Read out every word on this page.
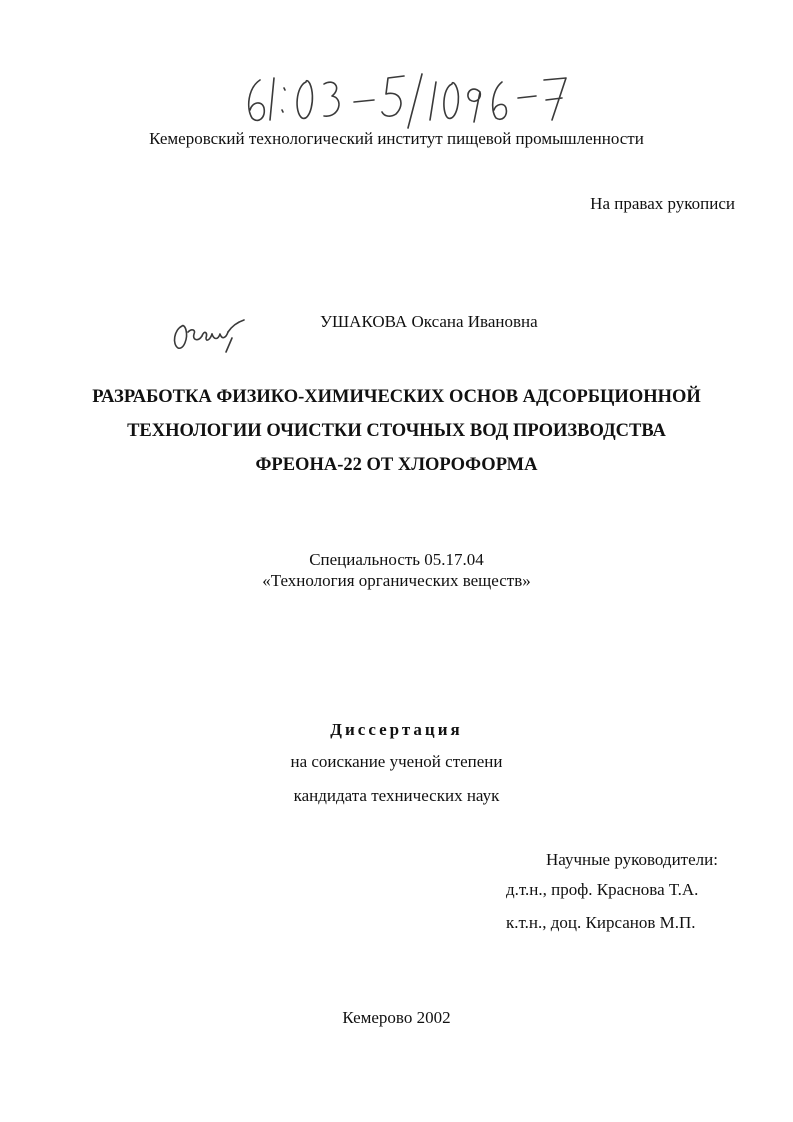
Кемеровский технологический институт пищевой промышленности
На правах рукописи
УШАКОВА Оксана Ивановна
РАЗРАБОТКА ФИЗИКО-ХИМИЧЕСКИХ ОСНОВ АДСОРБЦИОННОЙ
ТЕХНОЛОГИИ ОЧИСТКИ СТОЧНЫХ ВОД ПРОИЗВОДСТВА
ФРЕОНА-22 ОТ ХЛОРОФОРМА
Специальность 05.17.04
«Технология органических веществ»
Диссертация
на соискание ученой степени
кандидата технических наук
Научные руководители:
д.т.н., проф. Краснова Т.А.
к.т.н., доц. Кирсанов М.П.
Кемерово 2002
